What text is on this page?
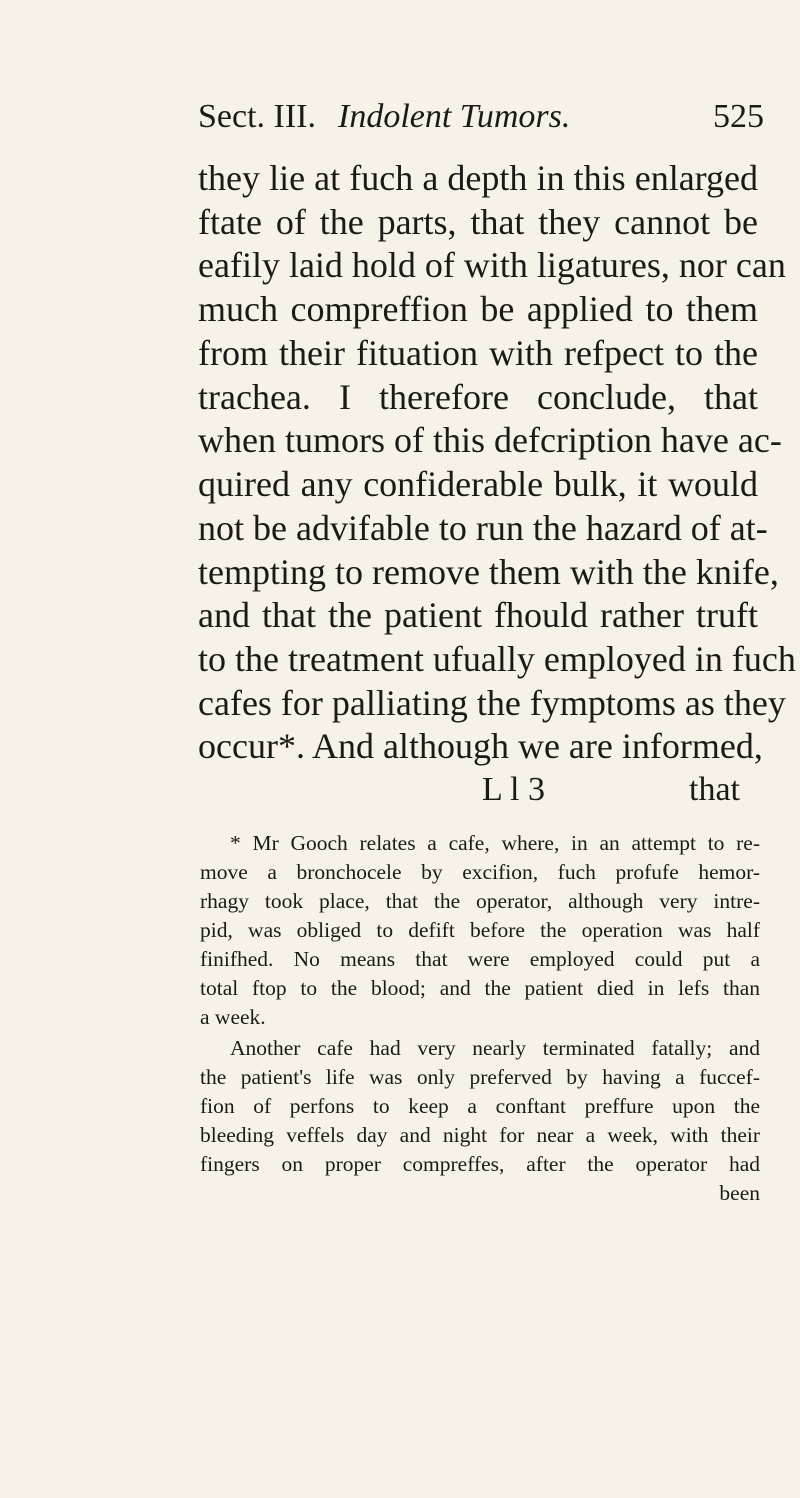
Sect. III. Indolent Tumors.	525
they lie at fuch a depth in this enlarged
ftate of the parts, that they cannot be
eafily laid hold of with ligatures, nor can
much compreffion be applied to them
from their fituation with refpect to the
trachea. I therefore conclude, that
when tumors of this defcription have ac-
quired any confiderable bulk, it would
not be advifable to run the hazard of at-
tempting to remove them with the knife,
and that the patient fhould rather truft
to the treatment ufually employed in fuch
cafes for palliating the fymptoms as they
occur*. And although we are informed,
L l 3	that
* Mr Gooch relates a cafe, where, in an attempt to re-
move a bronchocele by excifion, fuch profufe hemor-
rhagy took place, that the operator, although very intre-
pid, was obliged to defift before the operation was half
finifhed. No means that were employed could put a
total ftop to the blood; and the patient died in lefs than
a week.
Another cafe had very nearly terminated fatally; and
the patient's life was only preferved by having a fuccef-
fion of perfons to keep a conftant preffure upon the
bleeding veffels day and night for near a week, with their
fingers on proper compreffes, after the operator had
been
